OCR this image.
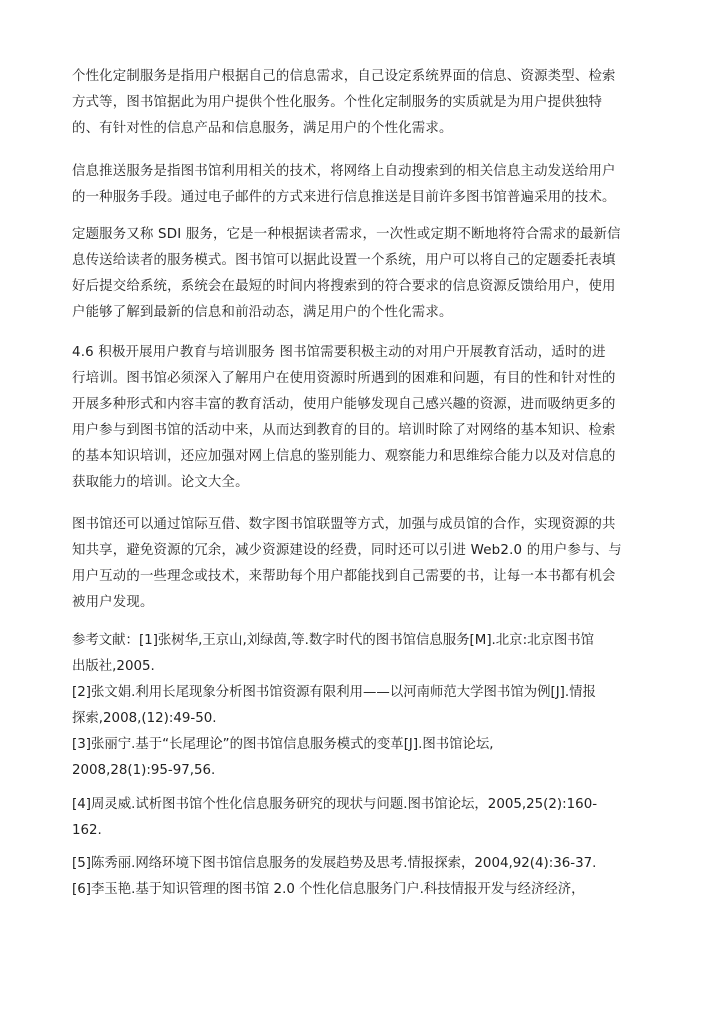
个性化定制服务是指用户根据自己的信息需求，自己设定系统界面的信息、资源类型、检索
方式等，图书馆据此为用户提供个性化服务。个性化定制服务的实质就是为用户提供独特
的、有针对性的信息产品和信息服务，满足用户的个性化需求。

信息推送服务是指图书馆利用相关的技术，将网络上自动搜索到的相关信息主动发送给用户
的一种服务手段。通过电子邮件的方式来进行信息推送是目前许多图书馆普遍采用的技术。

定题服务又称 SDI 服务，它是一种根据读者需求，一次性或定期不断地将符合需求的最新信
息传送给读者的服务模式。图书馆可以据此设置一个系统，用户可以将自己的定题委托表填
好后提交给系统，系统会在最短的时间内将搜索到的符合要求的信息资源反馈给用户，使用
户能够了解到最新的信息和前沿动态，满足用户的个性化需求。

4.6 积极开展用户教育与培训服务 图书馆需要积极主动的对用户开展教育活动，适时的进
行培训。图书馆必须深入了解用户在使用资源时所遇到的困难和问题，有目的性和针对性的
开展多种形式和内容丰富的教育活动，使用户能够发现自己感兴趣的资源，进而吸纳更多的
用户参与到图书馆的活动中来，从而达到教育的目的。培训时除了对网络的基本知识、检索
的基本知识培训，还应加强对网上信息的鉴别能力、观察能力和思维综合能力以及对信息的
获取能力的培训。论文大全。

图书馆还可以通过馆际互借、数字图书馆联盟等方式，加强与成员馆的合作，实现资源的共
知共享，避免资源的冗余，减少资源建设的经费，同时还可以引进 Web2.0 的用户参与、与
用户互动的一些理念或技术，来帮助每个用户都能找到自己需要的书，让每一本书都有机会
被用户发现。

参考文献：[1]张树华,王京山,刘绿茵,等.数字时代的图书馆信息服务[M].北京:北京图书馆
出版社,2005.

[2]张文娟.利用长尾现象分析图书馆资源有限利用——以河南师范大学图书馆为例[J].情报
探索,2008,(12):49-50.

[3]张丽宁.基于“长尾理论”的图书馆信息服务模式的变革[J].图书馆论坛,
2008,28(1):95-97,56.

[4]周灵威.试析图书馆个性化信息服务研究的现状与问题.图书馆论坛，2005,25(2):160-
162.

[5]陈秀丽.网络环境下图书馆信息服务的发展趋势及思考.情报探索，2004,92(4):36-37.

[6]李玉艳.基于知识管理的图书馆 2.0 个性化信息服务门户.科技情报开发与经济经济，
